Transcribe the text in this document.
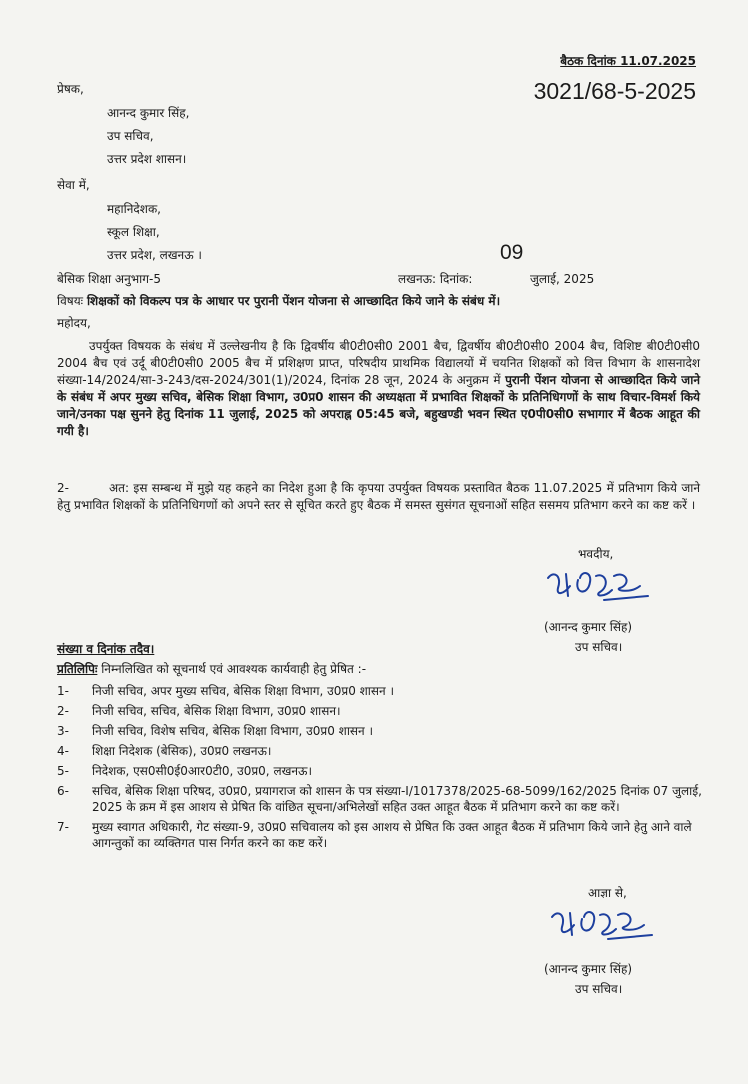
बैठक दिनांक 11.07.2025
3021/68-5-2025
प्रेषक,
आनन्द कुमार सिंह,
उप सचिव,
उत्तर प्रदेश शासन।
सेवा में,
महानिदेशक,
स्कूल शिक्षा,
उत्तर प्रदेश, लखनऊ ।	09
बेसिक शिक्षा अनुभाग-5	लखनऊ: दिनांक:	जुलाई, 2025
विषयः शिक्षकों को विकल्प पत्र के आधार पर पुरानी पेंशन योजना से आच्छादित किये जाने के संबंध में।
महोदय,
उपर्युक्त विषयक के संबंध में उल्लेखनीय है कि द्विवर्षीय बी0टी0सी0 2001 बैच, द्विवर्षीय बी0टी0सी0 2004 बैच, विशिष्ट बी0टी0सी0 2004 बैच एवं उर्दू बी0टी0सी0 2005 बैच में प्रशिक्षण प्राप्त, परिषदीय प्राथमिक विद्यालयों में चयनित शिक्षकों को वित्त विभाग के शासनादेश संख्या-14/2024/सा-3-243/दस-2024/301(1)/2024, दिनांक 28 जून, 2024 के अनुक्रम में पुरानी पेंशन योजना से आच्छादित किये जाने के संबंध में अपर मुख्य सचिव, बेसिक शिक्षा विभाग, उ0प्र0 शासन की अध्यक्षता में प्रभावित शिक्षकों के प्रतिनिधिगणों के साथ विचार-विमर्श किये जाने/उनका पक्ष सुनने हेतु दिनांक 11 जुलाई, 2025 को अपराह्न 05:45 बजे, बहुखण्डी भवन स्थित ए0पी0सी0 सभागार में बैठक आहूत की गयी है।
2-	अत: इस सम्बन्ध में मुझे यह कहने का निदेश हुआ है कि कृपया उपर्युक्त विषयक प्रस्तावित बैठक 11.07.2025 में प्रतिभाग किये जाने हेतु प्रभावित शिक्षकों के प्रतिनिधिगणों को अपने स्तर से सूचित करते हुए बैठक में समस्त सुसंगत सूचनाओं सहित ससमय प्रतिभाग करने का कष्ट करें ।
भवदीय,
(आनन्द कुमार सिंह)
उप सचिव।
संख्या व दिनांक तदैव।
प्रतिलिपिः निम्नलिखित को सूचनार्थ एवं आवश्यक कार्यवाही हेतु प्रेषित :-
1- निजी सचिव, अपर मुख्य सचिव, बेसिक शिक्षा विभाग, उ0प्र0 शासन ।
2- निजी सचिव, सचिव, बेसिक शिक्षा विभाग, उ0प्र0 शासन।
3- निजी सचिव, विशेष सचिव, बेसिक शिक्षा विभाग, उ0प्र0 शासन ।
4- शिक्षा निदेशक (बेसिक), उ0प्र0 लखनऊ।
5- निदेशक, एस0सी0ई0आर0टी0, उ0प्र0, लखनऊ।
6- सचिव, बेसिक शिक्षा परिषद, उ0प्र0, प्रयागराज को शासन के पत्र संख्या-I/1017378/2025-68-5099/162/2025 दिनांक 07 जुलाई, 2025 के क्रम में इस आशय से प्रेषित कि वांछित सूचना/अभिलेखों सहित उक्त आहूत बैठक में प्रतिभाग करने का कष्ट करें।
7- मुख्य स्वागत अधिकारी, गेट संख्या-9, उ0प्र0 सचिवालय को इस आशय से प्रेषित कि उक्त आहूत बैठक में प्रतिभाग किये जाने हेतु आने वाले आगन्तुकों का व्यक्तिगत पास निर्गत करने का कष्ट करें।
आज्ञा से,
(आनन्द कुमार सिंह)
उप सचिव।
